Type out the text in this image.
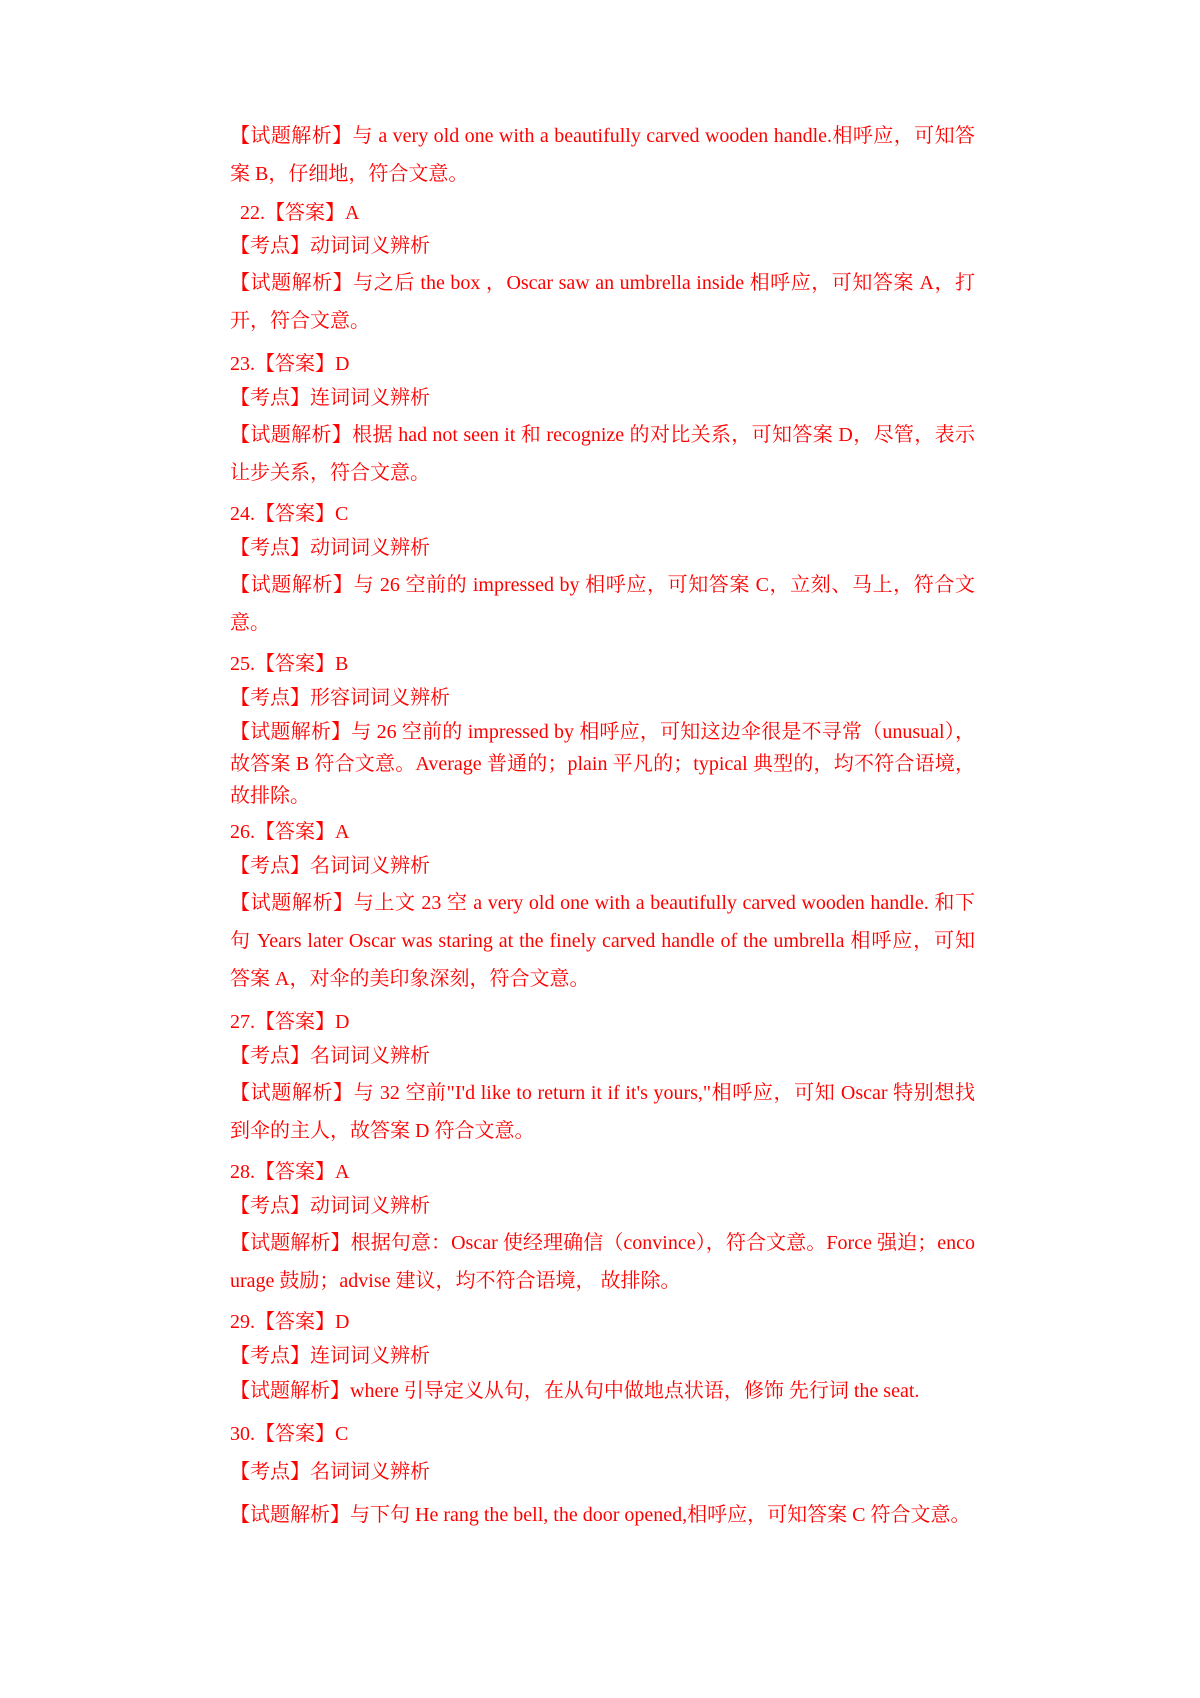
【试题解析】与 a very old one with a beautifully carved wooden handle.相呼应，可知答案 B，仔细地，符合文意。
22.【答案】A
【考点】动词词义辨析
【试题解析】与之后 the box ，Oscar saw an umbrella inside 相呼应，可知答案 A，打开，符合文意。
23.【答案】D
【考点】连词词义辨析
【试题解析】根据 had not seen it 和 recognize 的对比关系，可知答案 D，尽管，表示让步关系，符合文意。
24.【答案】C
【考点】动词词义辨析
【试题解析】与 26 空前的 impressed by 相呼应，可知答案 C，立刻、马上，符合文意。
25.【答案】B
【考点】形容词词义辨析
【试题解析】与 26 空前的 impressed by 相呼应，可知这边伞很是不寻常（unusual），故答案 B 符合文意。Average 普通的；plain 平凡的；typical 典型的，均不符合语境，故排除。
26.【答案】A
【考点】名词词义辨析
【试题解析】与上文 23 空 a very old one with a beautifully carved wooden handle. 和下句 Years later Oscar was staring at the finely carved handle of the umbrella 相呼应，可知答案 A，对伞的美印象深刻，符合文意。
27.【答案】D
【考点】名词词义辨析
【试题解析】与 32 空前"I'd like to return it if it's yours,"相呼应，可知 Oscar 特别想找到伞的主人，故答案 D 符合文意。
28.【答案】A
【考点】动词词义辨析
【试题解析】根据句意：Oscar 使经理确信（convince），符合文意。Force 强迫；encourage 鼓励；advise 建议，均不符合语境， 故排除。
29.【答案】D
【考点】连词词义辨析
【试题解析】where 引导定义从句，在从句中做地点状语，修饰 先行词 the seat.
30.【答案】C
【考点】名词词义辨析
【试题解析】与下句 He rang the bell, the door opened,相呼应，可知答案 C 符合文意。
